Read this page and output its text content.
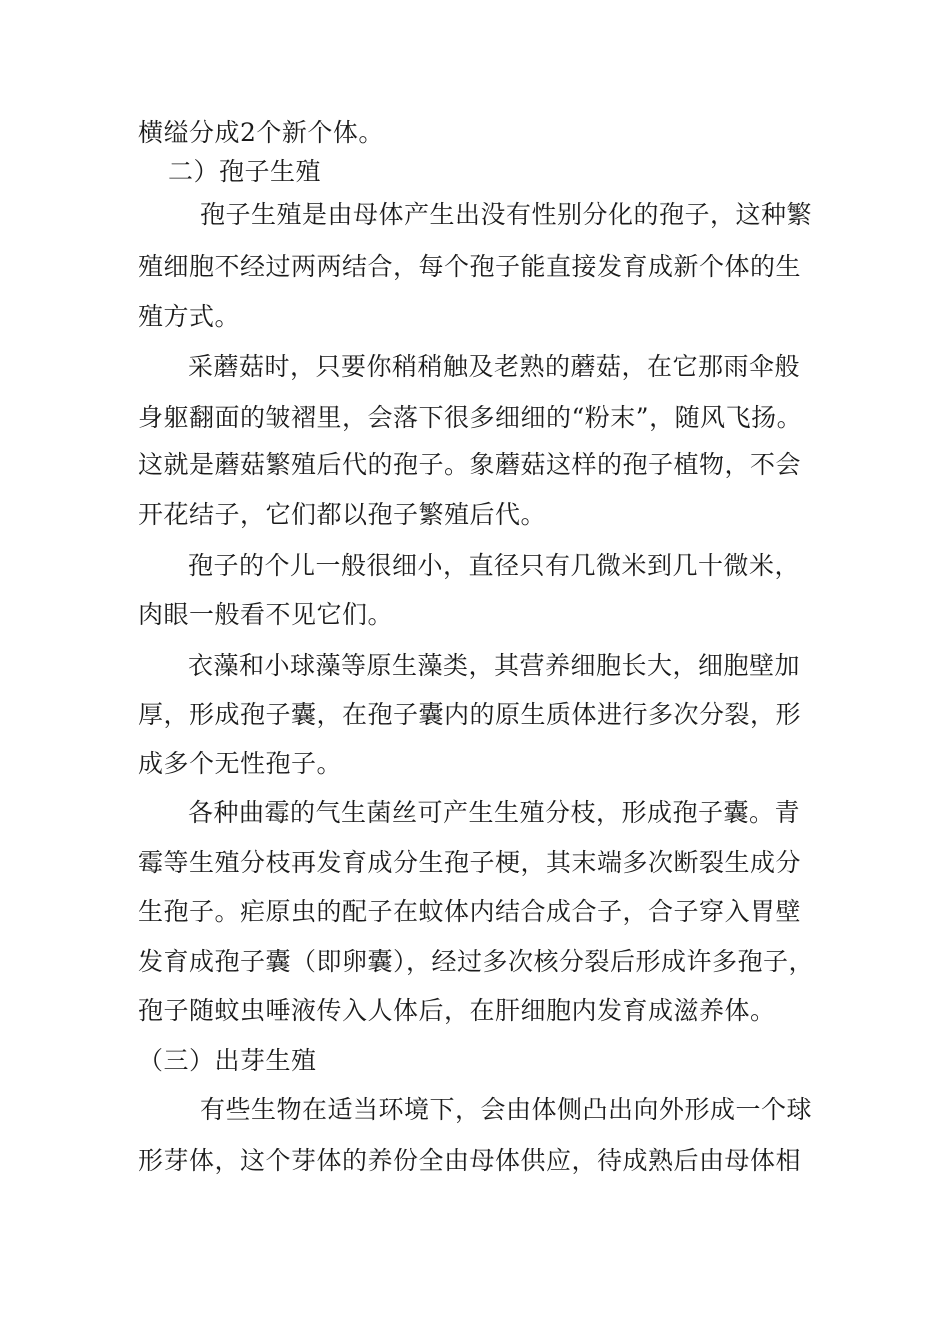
横缢分成2个新个体。
二）孢子生殖
孢子生殖是由母体产生出没有性别分化的孢子，这种繁
殖细胞不经过两两结合，每个孢子能直接发育成新个体的生
殖方式。
采蘑菇时，只要你稍稍触及老熟的蘑菇，在它那雨伞般
身躯翻面的皱褶里，会落下很多细细的“粉末”，随风飞扬。
这就是蘑菇繁殖后代的孢子。象蘑菇这样的孢子植物，不会
开花结子，它们都以孢子繁殖后代。
孢子的个儿一般很细小，直径只有几微米到几十微米，
肉眼一般看不见它们。
衣藻和小球藻等原生藻类，其营养细胞长大，细胞壁加
厚，形成孢子囊，在孢子囊内的原生质体进行多次分裂，形
成多个无性孢子。
各种曲霉的气生菌丝可产生生殖分枝，形成孢子囊。青
霉等生殖分枝再发育成分生孢子梗，其末端多次断裂生成分
生孢子。疟原虫的配子在蚊体内结合成合子，合子穿入胃壁
发育成孢子囊（即卵囊），经过多次核分裂后形成许多孢子，
孢子随蚊虫唾液传入人体后，在肝细胞内发育成滋养体。
（三）出芽生殖
有些生物在适当环境下，会由体侧凸出向外形成一个球
形芽体，这个芽体的养份全由母体供应，待成熟后由母体相
